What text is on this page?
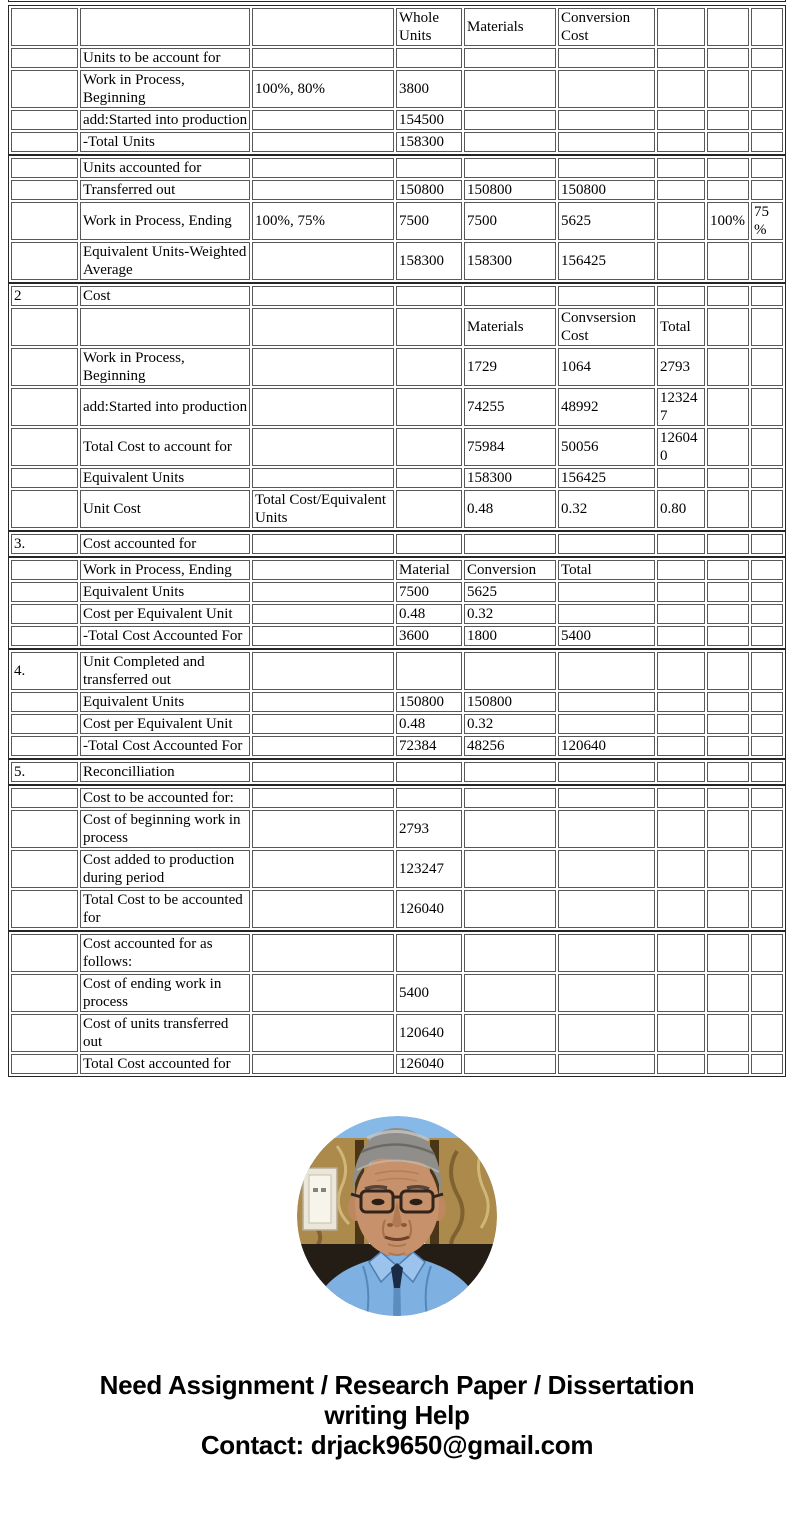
			Whole Units	Materials	Conversion Cost			
	Units to be account for							
	Work in Process, Beginning	100%, 80%	3800					
	add:Started into production		154500					
	-Total Units		158300					
	Units accounted for							
	Transferred out		150800	150800	150800			
	Work in Process, Ending	100%, 75%	7500	7500	5625		100%	75%
	Equivalent Units-Weighted Average		158300	158300	156425			
2	Cost							
				Materials	Convsersion Cost	Total		
	Work in Process, Beginning			1729	1064	2793		
	add:Started into production			74255	48992	123247		
	Total Cost to account for			75984	50056	126040		
	Equivalent Units			158300	156425			
	Unit Cost	Total Cost/Equivalent Units		0.48	0.32	0.80		
3.	Cost accounted for							
	Work in Process, Ending		Material	Conversion	Total			
	Equivalent Units		7500	5625				
	Cost per Equivalent Unit		0.48	0.32				
	-Total Cost Accounted For		3600	1800	5400			
4.	Unit Completed and transferred out							
	Equivalent Units		150800	150800				
	Cost per Equivalent Unit		0.48	0.32				
	-Total Cost Accounted For		72384	48256	120640			
5.	Reconcilliation							
	Cost to be accounted for:							
	Cost of beginning work in process		2793					
	Cost added to production during period		123247					
	Total Cost to be accounted for		126040					
	Cost accounted for as follows:							
	Cost of ending work in process		5400					
	Cost of units transferred out		120640					
	Total Cost accounted for		126040					
Need Assignment / Research Paper / Dissertation
writing Help
Contact: drjack9650@gmail.com
